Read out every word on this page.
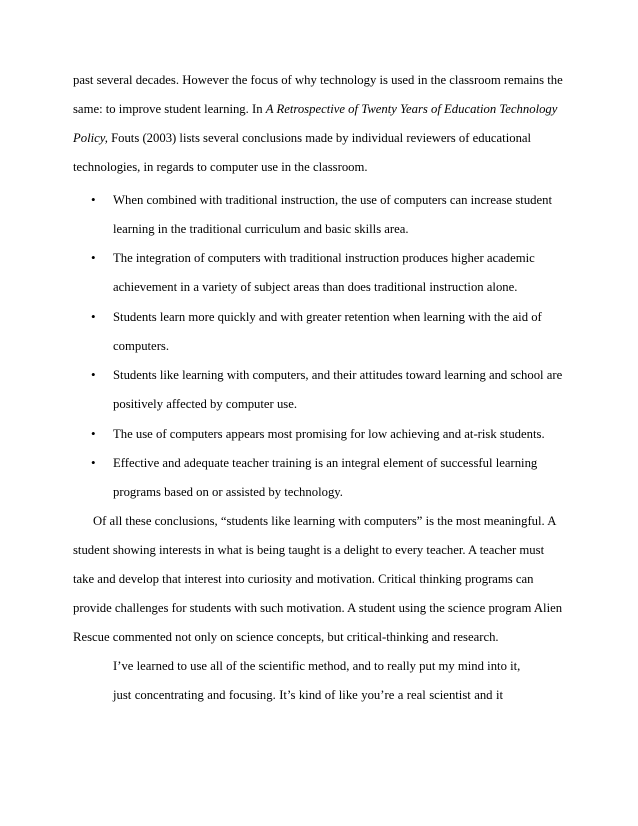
past several decades. However the focus of why technology is used in the classroom remains the
same: to improve student learning. In A Retrospective of Twenty Years of Education Technology
Policy, Fouts (2003) lists several conclusions made by individual reviewers of educational
technologies, in regards to computer use in the classroom.
•	When combined with traditional instruction, the use of computers can increase student
learning in the traditional curriculum and basic skills area.
•	The integration of computers with traditional instruction produces higher academic
achievement in a variety of subject areas than does traditional instruction alone.
•	Students learn more quickly and with greater retention when learning with the aid of
computers.
•	Students like learning with computers, and their attitudes toward learning and school are
positively affected by computer use.
•	The use of computers appears most promising for low achieving and at-risk students.
•	Effective and adequate teacher training is an integral element of successful learning
programs based on or assisted by technology.
Of all these conclusions, “students like learning with computers” is the most meaningful. A
student showing interests in what is being taught is a delight to every teacher. A teacher must
take and develop that interest into curiosity and motivation. Critical thinking programs can
provide challenges for students with such motivation. A student using the science program Alien
Rescue commented not only on science concepts, but critical-thinking and research.
I’ve learned to use all of the scientific method, and to really put my mind into it,
just concentrating and focusing. It’s kind of like you’re a real scientist and it
